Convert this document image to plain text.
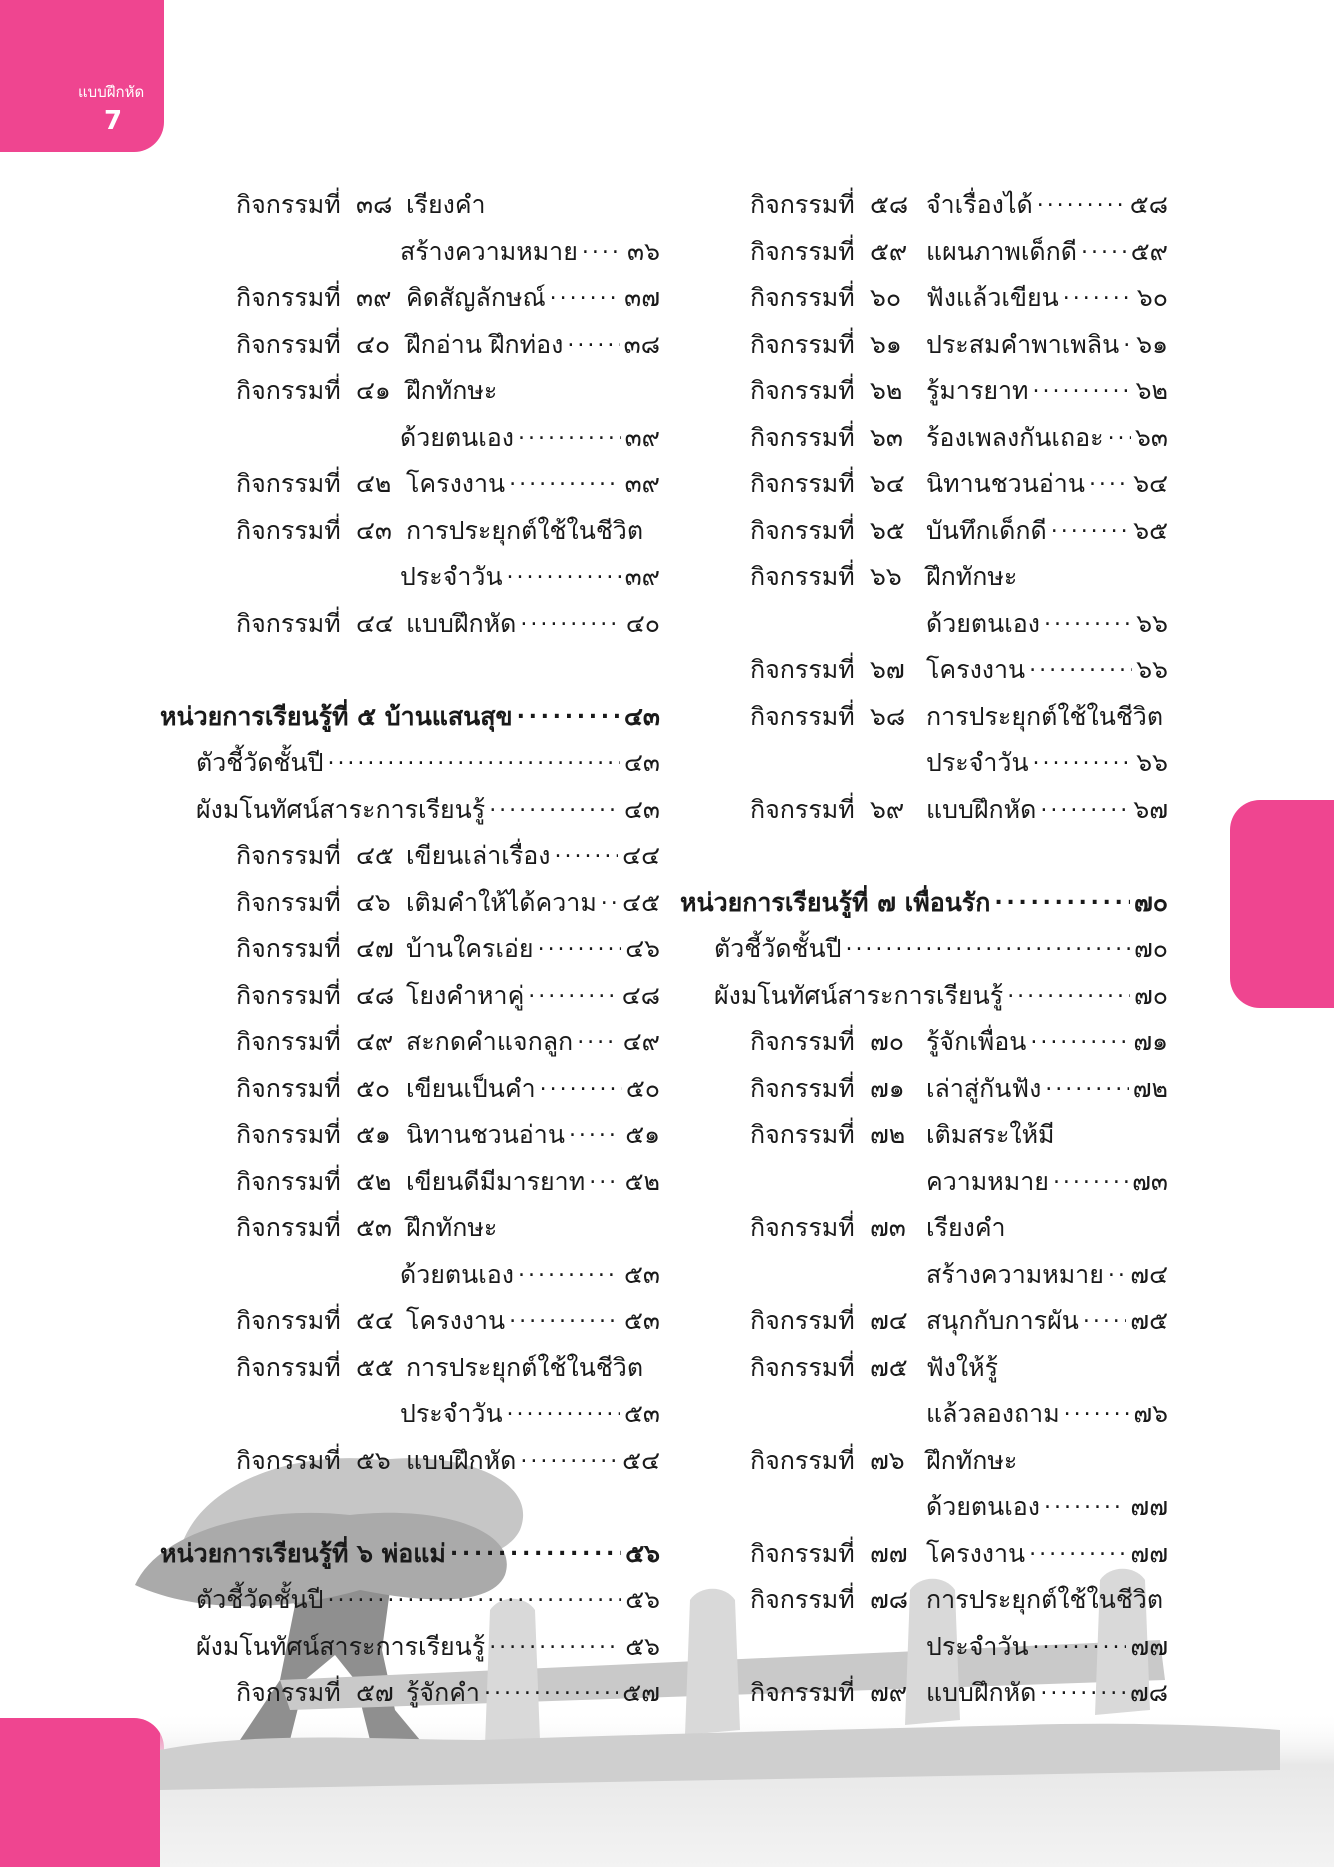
แบบฝึกหัด
7
กิจกรรมที่ ๓๘ เรียงคำ
สร้างความหมาย . . . ๓๖
กิจกรรมที่ ๓๙ คิดสัญลักษณ์ . . .	๓๗
กิจกรรมที่ ๔๐ ฝึกอ่าน ฝึกท่อง . . . ๓๘
กิจกรรมที่ ๔๑ ฝึกทักษะ
ด้วยตนเอง . . .	๓๙
กิจกรรมที่ ๔๒ โครงงาน . . .	๓๙
กิจกรรมที่ ๔๓ การประยุกต์ใช้ในชีวิต
ประจำวัน . . .	๓๙
กิจกรรมที่ ๔๔ แบบฝึกหัด . . .	๔๐
หน่วยการเรียนรู้ที่ ๕ บ้านแสนสุข . . .	๔๓
ตัวชี้วัดชั้นปี . . .	๔๓
ผังมโนทัศน์สาระการเรียนรู้ . . .	๔๓
กิจกรรมที่ ๔๕ เขียนเล่าเรื่อง . . .	๔๔
กิจกรรมที่ ๔๖ เติมคำให้ได้ความ . . . ๔๕
กิจกรรมที่ ๔๗ บ้านใครเอ่ย . . .	๔๖
กิจกรรมที่ ๔๘ โยงคำหาคู่ . . .	๔๘
กิจกรรมที่ ๔๙ สะกดคำแจกลูก . . . ๔๙
กิจกรรมที่ ๕๐ เขียนเป็นคำ . . .	๕๐
กิจกรรมที่ ๕๑ นิทานชวนอ่าน . . . ๕๑
กิจกรรมที่ ๕๒ เขียนดีมีมารยาท . . . ๕๒
กิจกรรมที่ ๕๓ ฝึกทักษะ
ด้วยตนเอง . . .	๕๓
กิจกรรมที่ ๕๔ โครงงาน . . .	๕๓
กิจกรรมที่ ๕๕ การประยุกต์ใช้ในชีวิต
ประจำวัน . . .	๕๓
กิจกรรมที่ ๕๖ แบบฝึกหัด . . .	๕๔
หน่วยการเรียนรู้ที่ ๖ พ่อแม่ . . .	๕๖
ตัวชี้วัดชั้นปี . . .	๕๖
ผังมโนทัศน์สาระการเรียนรู้ . . .	๕๖
กิจกรรมที่ ๕๗ รู้จักคำ . . .	๕๗
กิจกรรมที่ ๕๘ จำเรื่องได้ . . .	๕๘
กิจกรรมที่ ๕๙ แผนภาพเด็กดี . . . ๕๙
กิจกรรมที่ ๖๐ ฟังแล้วเขียน . . .	๖๐
กิจกรรมที่ ๖๑ ประสมคำพาเพลิน . . . ๖๑
กิจกรรมที่ ๖๒ รู้มารยาท . . .	๖๒
กิจกรรมที่ ๖๓ ร้องเพลงกันเถอะ . . . ๖๓
กิจกรรมที่ ๖๔ นิทานชวนอ่าน . . . ๖๔
กิจกรรมที่ ๖๕ บันทึกเด็กดี . . .	๖๕
กิจกรรมที่ ๖๖ ฝึกทักษะ
ด้วยตนเอง . . .	๖๖
กิจกรรมที่ ๖๗ โครงงาน . . .	๖๖
กิจกรรมที่ ๖๘ การประยุกต์ใช้ในชีวิต
ประจำวัน . . .	๖๖
กิจกรรมที่ ๖๙ แบบฝึกหัด . . .	๖๗
หน่วยการเรียนรู้ที่ ๗ เพื่อนรัก . . .	๗๐
ตัวชี้วัดชั้นปี . . .	๗๐
ผังมโนทัศน์สาระการเรียนรู้ . . .	๗๐
กิจกรรมที่ ๗๐ รู้จักเพื่อน . . .	๗๑
กิจกรรมที่ ๗๑ เล่าสู่กันฟัง . . .	๗๒
กิจกรรมที่ ๗๒ เติมสระให้มี
ความหมาย . . .	๗๓
กิจกรรมที่ ๗๓ เรียงคำ
สร้างความหมาย . . . ๗๔
กิจกรรมที่ ๗๔ สนุกกับการผัน . . . ๗๕
กิจกรรมที่ ๗๕ ฟังให้รู้
แล้วลองถาม . . .	๗๖
กิจกรรมที่ ๗๖ ฝึกทักษะ
ด้วยตนเอง . . .	๗๗
กิจกรรมที่ ๗๗ โครงงาน . . .	๗๗
กิจกรรมที่ ๗๘ การประยุกต์ใช้ในชีวิต
ประจำวัน . . .	๗๗
กิจกรรมที่ ๗๙ แบบฝึกหัด . . .	๗๘
